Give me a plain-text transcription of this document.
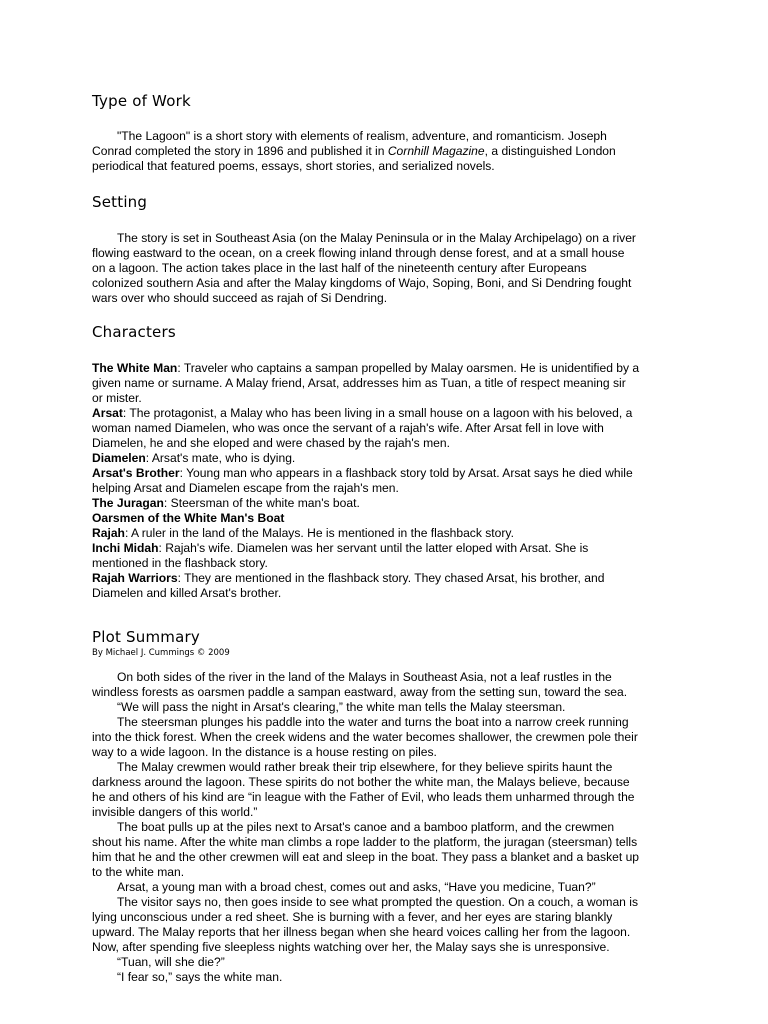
Type of Work
"The Lagoon" is a short story with elements of realism, adventure, and romanticism. Joseph
Conrad completed the story in 1896 and published it in Cornhill Magazine, a distinguished London
periodical that featured poems, essays, short stories, and serialized novels.
Setting
The story is set in Southeast Asia (on the Malay Peninsula or in the Malay Archipelago) on a river
flowing eastward to the ocean, on a creek flowing inland through dense forest, and at a small house
on a lagoon. The action takes place in the last half of the nineteenth century after Europeans
colonized southern Asia and after the Malay kingdoms of Wajo, Soping, Boni, and Si Dendring fought
wars over who should succeed as rajah of Si Dendring.
Characters
The White Man: Traveler who captains a sampan propelled by Malay oarsmen. He is unidentified by a
given name or surname. A Malay friend, Arsat, addresses him as Tuan, a title of respect meaning sir
or mister.
Arsat: The protagonist, a Malay who has been living in a small house on a lagoon with his beloved, a
woman named Diamelen, who was once the servant of a rajah's wife. After Arsat fell in love with
Diamelen, he and she eloped and were chased by the rajah's men.
Diamelen: Arsat's mate, who is dying.
Arsat's Brother: Young man who appears in a flashback story told by Arsat. Arsat says he died while
helping Arsat and Diamelen escape from the rajah's men.
The Juragan: Steersman of the white man's boat.
Oarsmen of the White Man's Boat
Rajah: A ruler in the land of the Malays. He is mentioned in the flashback story.
Inchi Midah: Rajah's wife. Diamelen was her servant until the latter eloped with Arsat. She is
mentioned in the flashback story.
Rajah Warriors: They are mentioned in the flashback story. They chased Arsat, his brother, and
Diamelen and killed Arsat's brother.
Plot Summary
By Michael J. Cummings © 2009
On both sides of the river in the land of the Malays in Southeast Asia, not a leaf rustles in the
windless forests as oarsmen paddle a sampan eastward, away from the setting sun, toward the sea.
“We will pass the night in Arsat's clearing,” the white man tells the Malay steersman.
The steersman plunges his paddle into the water and turns the boat into a narrow creek running
into the thick forest. When the creek widens and the water becomes shallower, the crewmen pole their
way to a wide lagoon. In the distance is a house resting on piles.
The Malay crewmen would rather break their trip elsewhere, for they believe spirits haunt the
darkness around the lagoon. These spirits do not bother the white man, the Malays believe, because
he and others of his kind are “in league with the Father of Evil, who leads them unharmed through the
invisible dangers of this world.”
The boat pulls up at the piles next to Arsat's canoe and a bamboo platform, and the crewmen
shout his name. After the white man climbs a rope ladder to the platform, the juragan (steersman) tells
him that he and the other crewmen will eat and sleep in the boat. They pass a blanket and a basket up
to the white man.
Arsat, a young man with a broad chest, comes out and asks, “Have you medicine, Tuan?”
The visitor says no, then goes inside to see what prompted the question. On a couch, a woman is
lying unconscious under a red sheet. She is burning with a fever, and her eyes are staring blankly
upward. The Malay reports that her illness began when she heard voices calling her from the lagoon.
Now, after spending five sleepless nights watching over her, the Malay says she is unresponsive.
“Tuan, will she die?”
“I fear so,” says the white man.
